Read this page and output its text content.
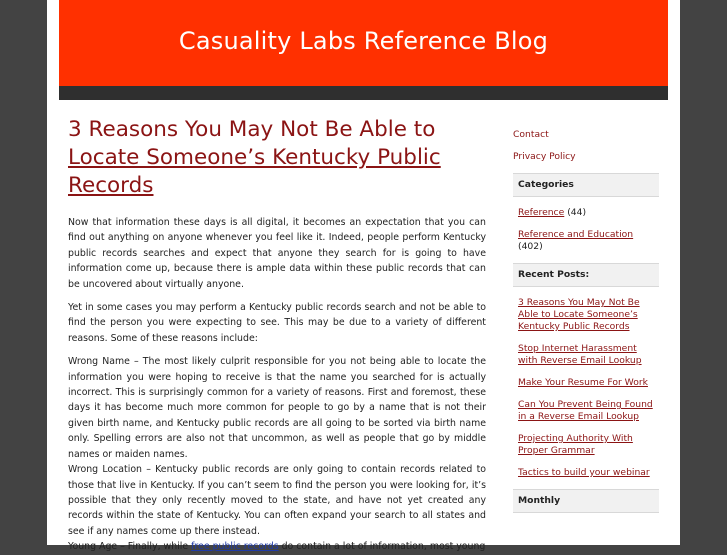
Casuality Labs Reference Blog
3 Reasons You May Not Be Able to
Locate Someone’s Kentucky Public Records

Now that information these days is all digital, it becomes an expectation that you can find out anything on anyone whenever you feel like it. Indeed, people perform Kentucky public records searches and expect that anyone they search for is going to have information come up, because there is ample data within these public records that can be uncovered about virtually anyone.

Yet in some cases you may perform a Kentucky public records search and not be able to find the person you were expecting to see. This may be due to a variety of different reasons. Some of these reasons include:

Wrong Name – The most likely culprit responsible for you not being able to locate the information you were hoping to receive is that the name you searched for is actually incorrect. This is surprisingly common for a variety of reasons. First and foremost, these days it has become much more common for people to go by a name that is not their given birth name, and Kentucky public records are all going to be sorted via birth name only. Spelling errors are also not that uncommon, as well as people that go by middle names or maiden names.

Wrong Location – Kentucky public records are only going to contain records related to those that live in Kentucky. If you can’t seem to find the person you were looking for, it’s possible that they only recently moved to the state, and have not yet created any records within the state of Kentucky. You can often expand your search to all states and see if any names come up there instead.

Young Age – Finally, while free public records do contain a lot of information, most young

Contact
Privacy Policy
Categories
Reference (44)
Reference and Education
(402)
Recent Posts:
3 Reasons You May Not Be Able to Locate Someone’s Kentucky Public Records
Stop Internet Harassment with Reverse Email Lookup
Make Your Resume For Work
Can You Prevent Being Found in a Reverse Email Lookup
Projecting Authority With Proper Grammar
Tactics to build your webinar
Monthly
